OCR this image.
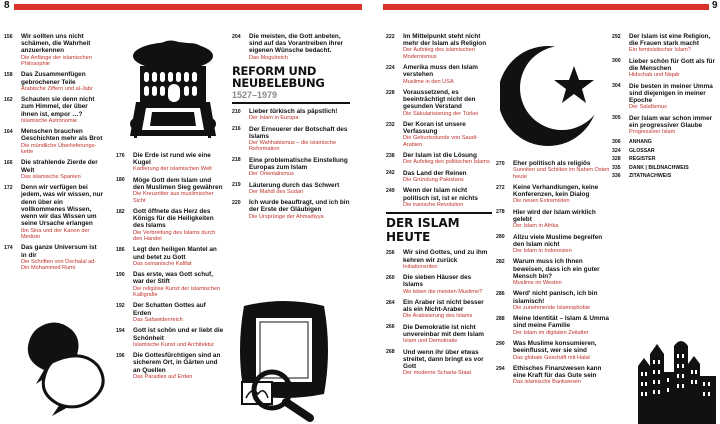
8	9
156	Wir sollten uns nicht schämen, die Wahrheit anzuerkennen
Die Anfänge der islamischen Philosophie
158	Das Zusammenfügen gebrochener Teile
Arabische Ziffern und al-Jabr
162	Schauten sie denn nicht zum Himmel, der über ihnen ist, empor …?
Islamische Astronomie
164	Menschen brauchen Geschichten mehr als Brot
Die mündliche Überlieferungs-kette
166	Die strahlende Zierde der Welt
Das islamische Spanien
172	Denn wir verfügen bei jedem, was wir wissen, nur denn über ein vollkommenes Wissen, wenn wir das Wissen um seine Ursache erlangen
Ibn Sina und der Kanon der Medizin
174	Das ganze Universum ist in dir
Die Schriften von Dschalal ad-Din Mohammed Rumi
176	Die Erde ist rund wie eine Kugel
Kartierung der islamischen Welt
180	Möge Gott dem Islam und den Muslimen Sieg gewähren
Die Kreuzritter aus muslimischer Sicht
182	Gott öffnete das Herz des Königs für die Heiligkeiten des Islams
Die Verbreitung des Islams durch den Handel
186	Legt den heiligen Mantel an und betet zu Gott
Das osmanische Kalifat
190	Das erste, was Gott schuf, war der Stift
Die religiöse Kunst der islamischen Kalligrafie
192	Der Schatten Gottes auf Erden
Das Safawidenreich
194	Gott ist schön und er liebt die Schönheit
Islamische Kunst und Architektur
196	Die Gottesfürchtigen sind an sicherem Ort, in Gärten und an Quellen
Das Paradies auf Erden
204	Die meisten, die Gott anbeten, sind auf das Vorantreiben ihrer eigenen Wünsche bedacht.
Das Mogulreich
REFORM UND NEUBELEBUNG
1527–1979
210	Lieber türkisch als päpstlich!
Der Islam in Europa
216	Der Erneuerer der Botschaft des Islams
Der Wahhabismus – die islamische Reformation
218	Eine problematische Einstellung Europas zum Islam
Der Orientalismus
219	Läuterung durch das Schwert
Der Mahdi des Sudan
220	Ich wurde beauftragt, und ich bin der Erste der Gläubigen
Die Ursprünge der Ahmadiyya
222	Im Mittelpunkt steht nicht mehr der Islam als Religion
Der Aufstieg des islamischen Modernismus
224	Amerika muss den Islam verstehen
Muslime in den USA
228	Voraussetzend, es beeinträchtigt nicht den gesunden Verstand
Die Säkularisierung der Türkei
232	Der Koran ist unsere Verfassung
Die Geburtsstunde von Saudi-Arabien
238	Der Islam ist die Lösung
Der Aufstieg des politischen Islams
242	Das Land der Reinen
Die Gründung Pakistans
249	Wenn der Islam nicht politisch ist, ist er nichts
Die iranische Revolution
DER ISLAM HEUTE
256	Wir sind Gottes, und zu ihm kehren wir zurück
Initiationsriten
260	Die sieben Häuser des Islams
Wo leben die meisten Muslime?
264	Ein Araber ist nicht besser als ein Nicht-Araber
Die Arabisierung des Islams
266	Die Demokratie ist nicht unvereinbar mit dem Islam
Islam und Demokratie
268	Und wenn ihr über etwas streitet, dann bringt es vor Gott
Der moderne Scharia-Staat
270	Eher politisch als religiös
Sunniten und Schiiten im Nahen Osten heute
272	Keine Verhandlungen, keine Konferenzen, kein Dialog
Die neuen Extremisten
278	Hier wird der Islam wirklich gelebt
Der Islam in Afrika
280	Allzu viele Muslime begreifen den Islam nicht
Der Islam in Indonesien
282	Warum muss ich Ihnen beweisen, dass ich ein guter Mensch bin?
Muslime im Westen
286	Werd' nicht panisch, ich bin islamisch!
Die zunehmende Islamophobie
288	Meine Identität – Islam & Umma sind meine Familie
Der Islam im digitalen Zeitalter
290	Was Muslime konsumieren, beeinflusst, wer sie sind
Das globale Geschäft mit Halal
294	Ethisches Finanzwesen kann eine Kraft für das Gute sein
Das islamische Bankwesen
292	Der Islam ist eine Religion, die Frauen stark macht
Ein feministischer Islam?
300	Lieber schön für Gott als für die Menschen
Hidschab und Niqab
304	Die besten in meiner Umma sind diejenigen in meiner Epoche
Der Salafismus
305	Der Islam war schon immer ein progressiver Glaube
Progressiver Islam
306	ANHANG
324	GLOSSAR
328	REGISTER
335	DANK | BILDNACHWEIS
336	ZITATNACHWEIS
